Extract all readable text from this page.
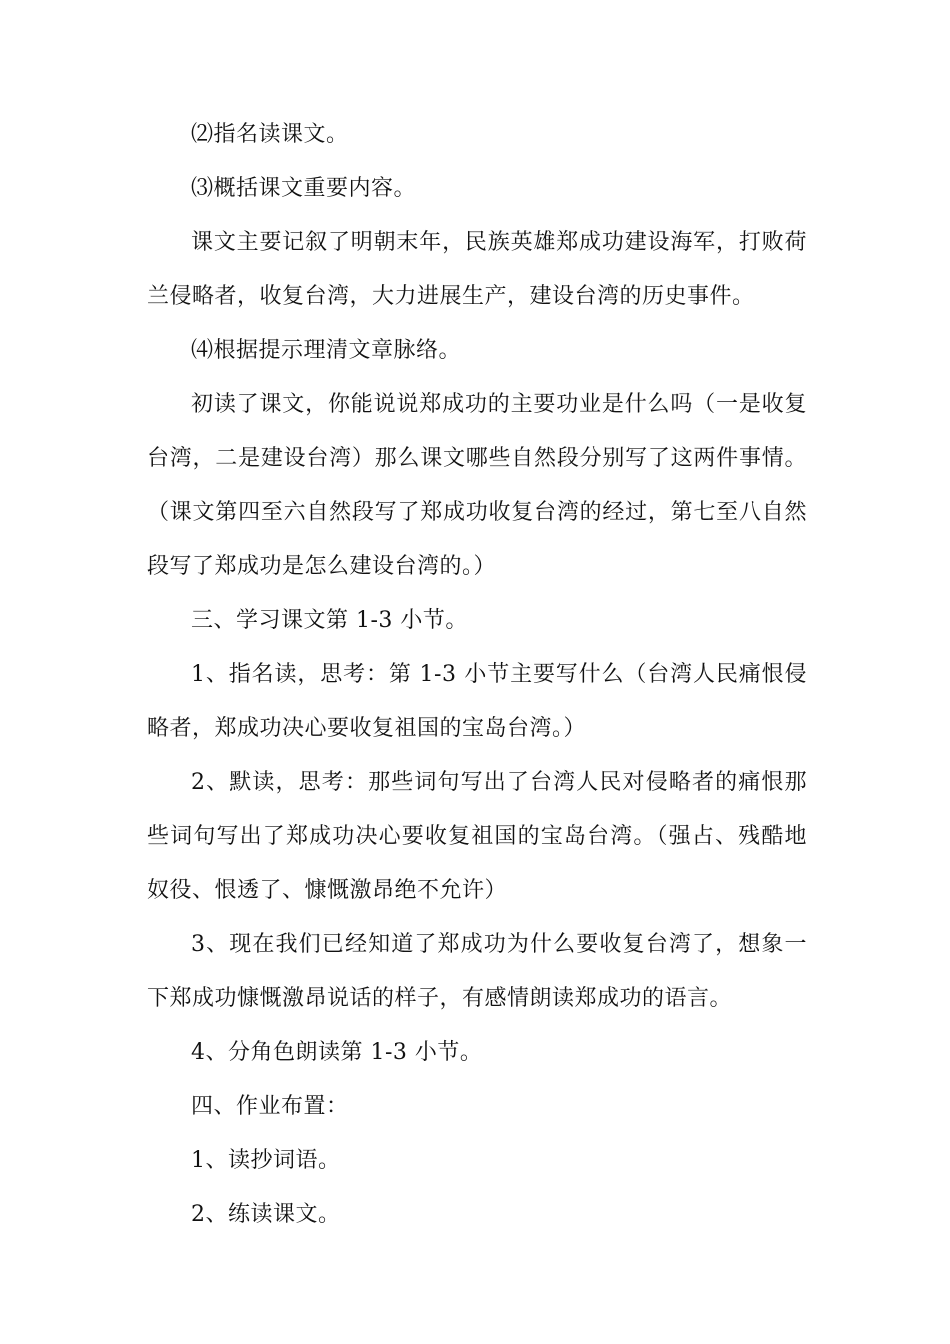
⑵指名读课文。

⑶概括课文重要内容。

课文主要记叙了明朝末年，民族英雄郑成功建设海军，打败荷兰侵略者，收复台湾，大力进展生产，建设台湾的历史事件。

⑷根据提示理清文章脉络。

初读了课文，你能说说郑成功的主要功业是什么吗（一是收复台湾，二是建设台湾）那么课文哪些自然段分别写了这两件事情。（课文第四至六自然段写了郑成功收复台湾的经过，第七至八自然段写了郑成功是怎么建设台湾的。）

三、学习课文第 1-3 小节。

1、指名读，思考：第 1-3 小节主要写什么（台湾人民痛恨侵略者，郑成功决心要收复祖国的宝岛台湾。）

2、默读，思考：那些词句写出了台湾人民对侵略者的痛恨那些词句写出了郑成功决心要收复祖国的宝岛台湾。（强占、残酷地奴役、恨透了、慷慨激昂绝不允许）

3、现在我们已经知道了郑成功为什么要收复台湾了，想象一下郑成功慷慨激昂说话的样子，有感情朗读郑成功的语言。

4、分角色朗读第 1-3 小节。

四、作业布置：

1、读抄词语。

2、练读课文。
